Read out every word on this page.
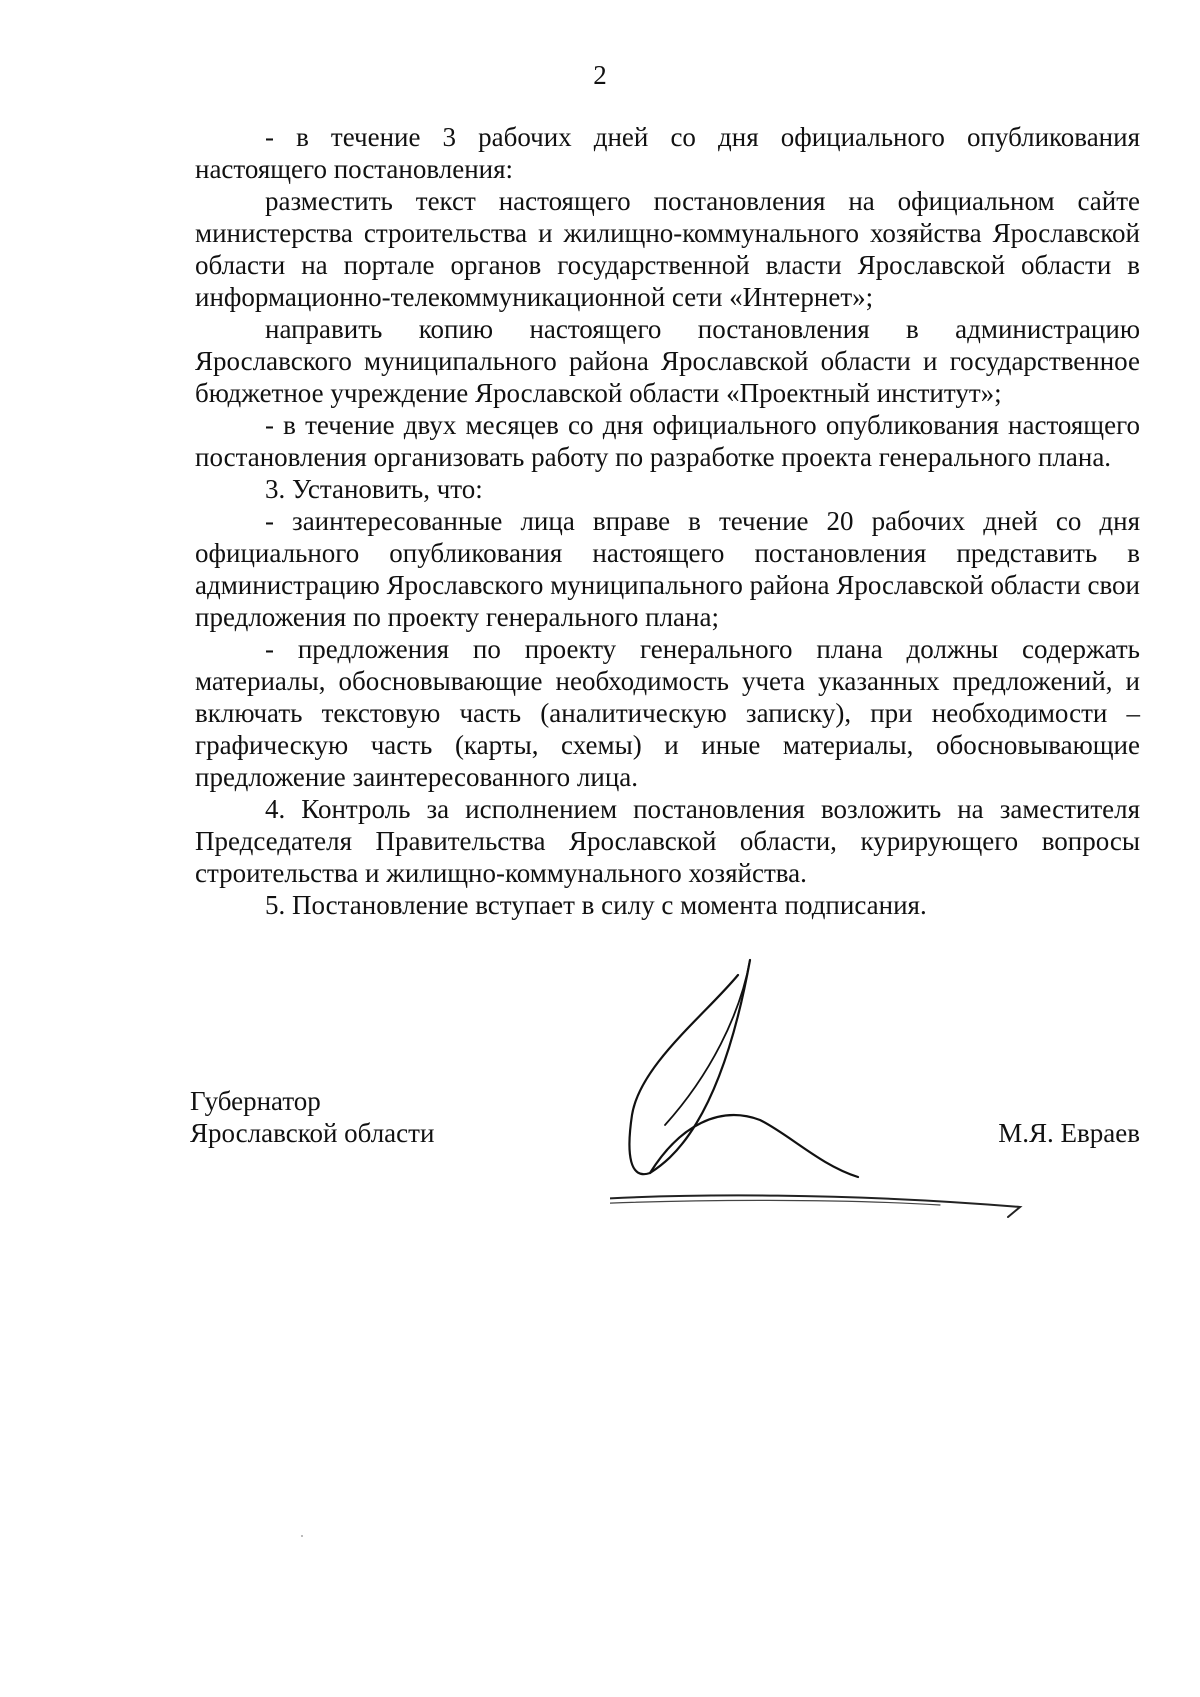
2

- в течение 3 рабочих дней со дня официального опубликования настоящего постановления:

разместить текст настоящего постановления на официальном сайте министерства строительства и жилищно-коммунального хозяйства Ярославской области на портале органов государственной власти Ярославской области в информационно-телекоммуникационной сети «Интернет»;

направить копию настоящего постановления в администрацию Ярославского муниципального района Ярославской области и государственное бюджетное учреждение Ярославской области «Проектный институт»;

- в течение двух месяцев со дня официального опубликования настоящего постановления организовать работу по разработке проекта генерального плана.

3. Установить, что:

- заинтересованные лица вправе в течение 20 рабочих дней со дня официального опубликования настоящего постановления представить в администрацию Ярославского муниципального района Ярославской области свои предложения по проекту генерального плана;

- предложения по проекту генерального плана должны содержать материалы, обосновывающие необходимость учета указанных предложений, и включать текстовую часть (аналитическую записку), при необходимости – графическую часть (карты, схемы) и иные материалы, обосновывающие предложение заинтересованного лица.

4. Контроль за исполнением постановления возложить на заместителя Председателя Правительства Ярославской области, курирующего вопросы строительства и жилищно-коммунального хозяйства.

5. Постановление вступает в силу с момента подписания.

Губернатор
Ярославской области	М.Я. Евраев
